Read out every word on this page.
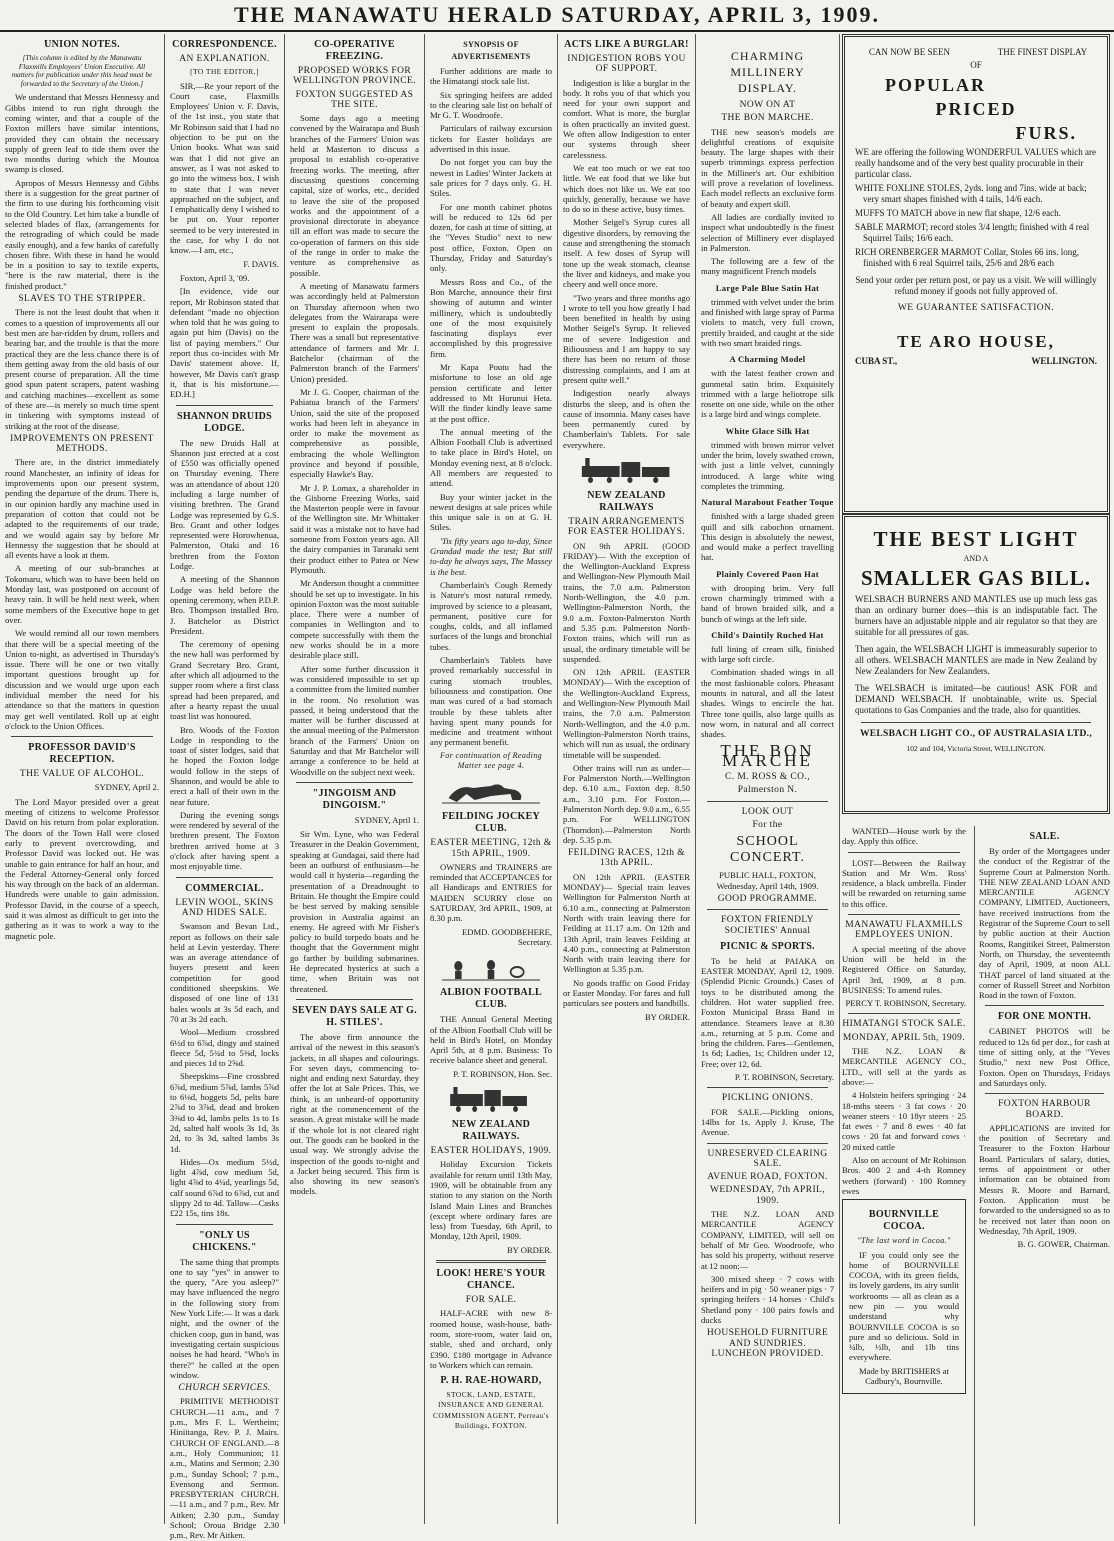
THE MANAWATU HERALD SATURDAY, APRIL 3, 1909.
UNION NOTES.
[This column is edited by the Manawatu Flaxmills Employees' Union Executive. All matters for publication under this head must be forwarded to the Secretary of the Union.]

We understand that Messrs Hennessy and Gibbs intend to run right through the coming winter, and that a couple of the Foxton millers have similar intentions, provided they can obtain the necessary supply of green leaf to tide them over the two months during which the Moutoa swamp is closed.

Apropos of Messrs Hennessy and Gibbs there is a suggestion for the great partner of the firm to use during his forthcoming visit to the Old Country. Let him take a bundle of selected blades of flax, (arrangements for the retrograding of which could be made easily enough), and a few hanks of carefully chosen fibre. With these in hand he would be in a position to say to textile experts, "here is the raw material, there is the finished product."

SLAVES TO THE STRIPPER.

There is not the least doubt that when it comes to a question of improvements all our best men are bar-ridden by drum, rollers and bearing bar, and the trouble is that the more practical they are the less chance there is of them getting away from the old basis of our present course of preparation. All the time good spun patent scrapers, patent washing and catching machines—excellent as some of these are—is merely so much time spent in tinkering with symptoms instead of striking at the root of the disease.

IMPROVEMENTS ON PRESENT METHODS.

There are, in the district immediately round Manchester, an infinity of ideas for improvements upon our present system, pending the departure of the drum. There is, in our opinion hardly any machine used in preparation of cotton that could not be adapted to the requirements of our trade, and we would again say by before Mr Hennessy the suggestion that he should at all events have a look at them.

A meeting of our sub-branches at Tokomaru, which was to have been held on Monday last, was postponed on account of heavy rain. It will be held next week, when some members of the Executive hope to get over.

We would remind all our town members that there will be a special meeting of the Union to-night, as advertised in Thursday's issue. There will be one or two vitally important questions brought up for discussion and we would urge upon each individual member the need for his attendance so that the matters in question may get well ventilated. Roll up at eight o'clock to the Union Offices.

PROFESSOR DAVID'S RECEPTION.
THE VALUE OF ALCOHOL.
SYDNEY, April 2.

The Lord Mayor presided over a great meeting of citizens to welcome Professor David on his return from polar exploration. The doors of the Town Hall were closed early to prevent overcrowding, and Professor David was locked out. He was unable to gain entrance for half an hour, and the Federal Attorney-General only forced his way through on the back of an alderman. Hundreds were unable to gain admission. Professor David, in the course of a speech, said it was almost as difficult to get into the gathering as it was to work a way to the magnetic pole.

CORRESPONDENCE.
AN EXPLANATION.
[TO THE EDITOR.]

SIR,—Re your report of the Court case, Flaxmills Employees' Union v. F. Davis, of the 1st inst., you state that Mr Robinson said that I had no objection to be put on the Union books. What was said was that I did not give an answer, as I was not asked to go into the witness box. I wish to state that I was never approached on the subject, and I emphatically deny I wished to be put on. Your reporter seemed to be very interested in the case, for why I do not know.—I am, etc.,

F. DAVIS.

Foxton, April 3, '09.

[In evidence, vide our report, Mr Robinson stated that defendant "made no objection when told that he was going to again put him (Davis) on the list of paying members." Our report thus co-incides with Mr Davis' statement above. If, however, Mr Davis can't grasp it, that is his misfortune.—ED.H.]

SHANNON DRUIDS LODGE.

The new Druids Hall at Shannon just erected at a cost of £550 was officially opened on Thursday evening. There was an attendance of about 120 including a large number of visiting brethren. The Grand Lodge was represented by G.S. Bro. Grant and other lodges represented were Horowhenua, Palmerston, Otaki and 16 brethren from the Foxton Lodge.

A meeting of the Shannon Lodge was held before the opening ceremony, when P.D.P. Bro. Thompson installed Bro. J. Batchelor as District President.

The ceremony of opening the new hall was performed by Grand Secretary Bro. Grant, after which all adjourned to the supper room where a first class spread had been prepared, and after a hearty repast the usual toast list was honoured.

Bro. Woods of the Foxton Lodge in responding to the toast of sister lodges, said that he hoped the Foxton lodge would follow in the steps of Shannon, and would be able to erect a hall of their own in the near future.

During the evening songs were rendered by several of the brethren present. The Foxton brethren arrived home at 3 o'clock after having spent a most enjoyable time.

COMMERCIAL.
LEVIN WOOL, SKINS AND HIDES SALE.

Swanson and Bevan Ltd., report as follows on their sale held at Levin yesterday. There was an average attendance of buyers present and keen competition for good conditioned sheepskins. We disposed of one line of 131 bales wools at 3s 5d each, and 70 at 3s 2d each.

Wool—Medium crossbred 6½d to 6⅞d, dingy and stained fleece 5d, 5¾d to 5⅜d, locks and pieces 1d to 2⅝d.

Sheepskins—Fine crossbred 6⅞d, medium 5⅞d, lambs 5⅞d to 6⅛d, hoggets 5d, pelts bare 2⅞d to 3⅞d, dead and broken 3⅜d to 4d, lambs pelts 1s to 1s 2d, salted half wools 3s 1d, 3s 2d, to 3s 3d, salted lambs 3s 1d.

Hides—Ox medium 5½d, light 4⅞d, cow medium 5d, light 4⅞d to 4¼d, yearlings 5d, calf sound 6⅞d to 6⅞d, cut and slippy 2d to 4d. Tallow—Casks £22 15s, tins 18s.

"ONLY US CHICKENS."

The same thing that prompts one to say "yes" in answer to the query, "Are you asleep?" may have influenced the negro in the following story from New York Life:— It was a dark night, and the owner of the chicken coop, gun in hand, was investigating certain suspicious noises he had heard. "Who's in there?" he called at the open window.

CHURCH SERVICES.

PRIMITIVE METHODIST CHURCH.—11 a.m., and 7 p.m., Mrs F. L. Wertheim; Hiniitanga, Rev. P. J. Mairs. CHURCH OF ENGLAND.—8 a.m., Holy Communion; 11 a.m., Matins and Sermon; 2.30 p.m., Sunday School; 7 p.m., Evensong and Sermon. PRESBYTERIAN CHURCH.—11 a.m., and 7 p.m., Rev. Mr Aitken; 2.30 p.m., Sunday School; Oroua Bridge 2.30 p.m., Rev. Mr Aitken.

CO-OPERATIVE FREEZING.
PROPOSED WORKS FOR WELLINGTON PROVINCE.
FOXTON SUGGESTED AS THE SITE.

Some days ago a meeting convened by the Wairarapa and Bush branches of the Farmers' Union was held at Masterton to discuss a proposal to establish co-operative freezing works. The meeting, after discussing questions concerning capital, size of works, etc., decided to leave the site of the proposed works and the appointment of a provisional directorate in abeyance till an effort was made to secure the co-operation of farmers on this side of the range in order to make the venture as comprehensive as possible.

A meeting of Manawatu farmers was accordingly held at Palmerston on Thursday afternoon when two delegates from the Wairarapa were present to explain the proposals. There was a small but representative attendance of farmers and Mr J. Batchelor (chairman of the Palmerston branch of the Farmers' Union) presided.

Mr J. G. Cooper, chairman of the Pahiatua branch of the Farmers' Union, said the site of the proposed works had been left in abeyance in order to make the movement as comprehensive as possible, embracing the whole Wellington province and beyond if possible, especially Hawke's Bay.

Mr J. P. Lomax, a shareholder in the Gisborne Freezing Works, said the Masterton people were in favour of the Wellington site. Mr Whittaker said it was a mistake not to have had someone from Foxton years ago. All the dairy companies in Taranaki sent their product either to Patea or New Plymouth.

Mr Anderson thought a committee should be set up to investigate. In his opinion Foxton was the most suitable place. There were a number of companies in Wellington and to compete successfully with them the new works should be in a more desirable place still.

After some further discussion it was considered impossible to set up a committee from the limited number in the room. No resolution was passed, it being understood that the matter will be further discussed at the annual meeting of the Palmerston branch of the Farmers' Union on Saturday and that Mr Batchelor will arrange a conference to be held at Woodville on the subject next week.

"JINGOISM AND DINGOISM."
SYDNEY, April 1.

Sir Wm. Lyne, who was Federal Treasurer in the Deakin Government, speaking at Gundagai, said there had been an outburst of enthusiasm—he would call it hysteria—regarding the presentation of a Dreadnought to Britain. He thought the Empire could be best served by making sensible provision in Australia against an enemy. He agreed with Mr Fisher's policy to build torpedo boats and he thought that the Government might go farther by building submarines. He deprecated hysterics at such a time, when Britain was not threatened.

SEVEN DAYS SALE AT G. H. STILES'.

The above firm announce the arrival of the newest in this season's jackets, in all shapes and colourings. For seven days, commencing to-night and ending next Saturday, they offer the lot at Sale Prices. This, we think, is an unheard-of opportunity right at the commencement of the season. A great mistake will be made if the whole lot is not cleared right out. The goods can be booked in the usual way. We strongly advise the inspection of the goods to-night and a Jacket being secured. This firm is also showing its new season's models.

SYNOPSIS OF ADVERTISEMENTS

Further additions are made to the Himatangi stock sale list.

Six springing heifers are added to the clearing sale list on behalf of Mr G. T. Woodroofe.

Particulars of railway excursion tickets for Easter holidays are advertised in this issue.

Do not forget you can buy the newest in Ladies' Winter Jackets at sale prices for 7 days only. G. H. Stiles.

For one month cabinet photos will be reduced to 12s 6d per dozen, for cash at time of sitting, at the "Yeves Studio" next to new post office, Foxton. Open on Thursday, Friday and Saturday's only.

Messrs Ross and Co., of the Bon Marche, announce their first showing of autumn and winter millinery, which is undoubtedly one of the most exquisitely fascinating displays ever accomplished by this progressive firm.

Mr Kapa Poutu had the misfortune to lose an old age pension certificate and letter addressed to Mt Hurunui Heta. Will the finder kindly leave same at the post office.

The annual meeting of the Albion Football Club is advertised to take place in Bird's Hotel, on Monday evening next, at 8 o'clock. All members are requested to attend.

Buy your winter jacket in the newest designs at sale prices while this unique sale is on at G. H. Stiles.

'Tis fifty years ago to-day, Since Grandad made the test; But still to-day he always says, The Massey is the best.

Chamberlain's Cough Remedy is Nature's most natural remedy, improved by science to a pleasant, permanent, positive cure for coughs, colds, and all inflamed surfaces of the lungs and bronchial tubes.

Chamberlain's Tablets have proved remarkably successful in curing stomach troubles, biliousness and constipation. One man was cured of a bad stomach trouble by these tablets after having spent many pounds for medicine and treatment without any permanent benefit.

For continuation of Reading Matter see page 4.
FEILDING JOCKEY CLUB.
EASTER MEETING, 12th & 15th APRIL, 1909.

OWNERS and TRAINERS are reminded that ACCEPTANCES for all Handicaps and ENTRIES for MAIDEN SCURRY close on SATURDAY, 3rd APRIL, 1909, at 8.30 p.m.

EDMD. GOODBEHERE, Secretary.
ALBION FOOTBALL CLUB.

THE Annual General Meeting of the Albion Football Club will be held in Bird's Hotel, on Monday April 5th, at 8 p.m. Business: To receive balance sheet and general.

P. T. ROBINSON, Hon. Sec.
NEW ZEALAND RAILWAYS.
EASTER HOLIDAYS, 1909.

Holiday Excursion Tickets available for return until 13th May, 1909, will be obtainable from any station to any station on the North Island Main Lines and Branches (except where ordinary fares are less) from Tuesday, 6th April, to Monday, 12th April, 1909.

BY ORDER.
LOOK! HERE'S YOUR CHANCE.
FOR SALE.

HALF-ACRE with new 8-roomed house, wash-house, bath-room, store-room, water laid on, stable, shed and orchard, only £390. £180 mortgage in Advance to Workers which can remain.

P. H. RAE-HOWARD,
STOCK, LAND, ESTATE, INSURANCE AND GENERAL COMMISSION AGENT, Perreau's Buildings, FOXTON.
ACTS LIKE A BURGLAR!
INDIGESTION ROBS YOU OF SUPPORT.

Indigestion is like a burglar in the body. It robs you of that which you need for your own support and comfort. What is more, the burglar is often practically an invited guest. We often allow Indigestion to enter our systems through sheer carelessness.

We eat too much or we eat too little. We eat food that we like but which does not like us. We eat too quickly, generally, because we have to do so in these active, busy times.

Mother Seigel's Syrup cures all digestive disorders, by removing the cause and strengthening the stomach itself. A few doses of Syrup will tone up the weak stomach, cleanse the liver and kidneys, and make you cheery and well once more.

"Two years and three months ago I wrote to tell you how greatly I had been benefited in health by using Mother Seigel's Syrup. It relieved me of severe Indigestion and Biliousness and I am happy to say there has been no return of those distressing complaints, and I am at present quite well."

Indigestion nearly always disturbs the sleep, and is often the cause of insomnia. Many cases have been permanently cured by Chamberlain's Tablets. For sale everywhere.

NEW ZEALAND RAILWAYS
TRAIN ARRANGEMENTS FOR EASTER HOLIDAYS.

ON 9th APRIL (GOOD FRIDAY)— With the exception of the Wellington-Auckland Express and Wellington-New Plymouth Mail trains, the 7.0 a.m. Palmerston North-Wellington, the 4.0 p.m. Wellington-Palmerston North, the 9.0 a.m. Foxton-Palmerston North and 5.35 p.m. Palmerston North-Foxton trains, which will run as usual, the ordinary timetable will be suspended.

ON 12th APRIL (EASTER MONDAY)— With the exception of the Wellington-Auckland Express, and Wellington-New Plymouth Mail trains, the 7.0 a.m. Palmerston North-Wellington, and the 4.0 p.m. Wellington-Palmerston North trains, which will run as usual, the ordinary timetable will be suspended.

Other trains will run as under— For Palmerston North.—Wellington dep. 6.10 a.m., Foxton dep. 8.50 a.m., 3.10 p.m. For Foxton.—Palmerston North dep. 9.0 a.m., 6.55 p.m. For WELLINGTON (Thorndon).—Palmerston North dep. 5.35 p.m.

FEILDING RACES, 12th & 13th APRIL.

ON 12th APRIL (EASTER MONDAY)— Special train leaves Wellington for Palmerston North at 6.10 a.m., connecting at Palmerston North with train leaving there for Feilding at 11.17 a.m. On 12th and 13th April, train leaves Feilding at 4.40 p.m., connecting at Palmerston North with train leaving there for Wellington at 5.35 p.m.

No goods traffic on Good Friday or Easter Monday. For fares and full particulars see posters and handbills.

BY ORDER.
CHARMING MILLINERY DISPLAY.
NOW ON AT
THE BON MARCHE.

THE new season's models are delightful creations of exquisite beauty. The large shapes with their superb trimmings express perfection in the Milliner's art. Our exhibition will prove a revelation of loveliness. Each model reflects an exclusive form of beauty and expert skill.

All ladies are cordially invited to inspect what undoubtedly is the finest selection of Millinery ever displayed in Palmerston.

The following are a few of the many magnificent French models

Large Pale Blue Satin Hat

trimmed with velvet under the brim and finished with large spray of Parma violets to match, very full crown, prettily braided, and caught at the side with two smart braided rings.

A Charming Model

with the latest feather crown and gunmetal satin brim. Exquisitely trimmed with a large heliotrope silk rosette on one side, while on the other is a large bird and wings complete.

White Glace Silk Hat

trimmed with brown mirror velvet under the brim, lovely swathed crown, with just a little velvet, cunningly introduced. A large white wing completes the trimming.

Natural Marabout Feather Toque

finished with a large shaded green quill and silk cabochon ornament. This design is absolutely the newest, and would make a perfect travelling hat.

Plainly Covered Paon Hat

with drooping brim. Very full crown charmingly trimmed with a band of brown braided silk, and a bunch of wings at the left side.

Child's Daintily Ruched Hat

full lining of cream silk, finished with large soft circle.

Combination shaded wings in all the most fashionable colors. Pheasant mounts in natural, and all the latest shades. Wings to encircle the hat. Three tone quills, also large quills as now worn, in natural and all correct shades.

THE BON MARCHE
C. M. ROSS & CO.,
Palmerston N.
LOOK OUT
For the
SCHOOL CONCERT.

PUBLIC HALL, FOXTON, Wednesday, April 14th, 1909.

GOOD PROGRAMME.
FOXTON FRIENDLY SOCIETIES' Annual
PICNIC & SPORTS.

To be held at PAIAKA on EASTER MONDAY, April 12, 1909. (Splendid Picnic Grounds.) Cases of toys to be distributed among the children. Hot water supplied free. Foxton Municipal Brass Band in attendance. Steamers leave at 8.30 a.m., returning at 5 p.m. Come and bring the children. Fares—Gentlemen, 1s 6d; Ladies, 1s; Children under 12, Free; over 12, 6d.

P. T. ROBINSON, Secretary.
PICKLING ONIONS.

FOR SALE.—Pickling onions, 14lbs for 1s. Apply J. Kruse, The Avenue.

UNRESERVED CLEARING SALE.
AVENUE ROAD, FOXTON.
WEDNESDAY, 7th APRIL, 1909.

THE N.Z. LOAN AND MERCANTILE AGENCY COMPANY, LIMITED, will sell on behalf of Mr Geo. Woodroofe, who has sold his property, without reserve at 12 noon:—

300 mixed sheep · 7 cows with heifers and in pig · 50 weaner pigs · 7 springing heifers · 14 horses · Child's Shetland pony · 100 pairs fowls and ducks

HOUSEHOLD FURNITURE AND SUNDRIES. LUNCHEON PROVIDED.
CAN NOW BE SEEN	THE FINEST DISPLAY
OF
POPULAR
PRICED
FURS.

WE are offering the following WONDERFUL VALUES which are really handsome and of the very best quality procurable in their particular class.

WHITE FOXLINE STOLES, 2yds. long and 7ins. wide at back; very smart shapes finished with 4 tails, 14/6 each.

MUFFS TO MATCH above in new flat shape, 12/6 each.

SABLE MARMOT; record stoles 3/4 length; finished with 4 real Squirrel Tails; 16/6 each.

RICH ORENBERGER MARMOT Collar, Stoles 66 ins. long, finished with 6 real Squirrel tails, 25/6 and 28/6 each

Send your order per return post, or pay us a visit. We will willingly refund money if goods not fully approved of.

WE GUARANTEE SATISFACTION.
TE ARO HOUSE,
CUBA ST.,	WELLINGTON.
THE BEST LIGHT
AND A
SMALLER GAS BILL.

WELSBACH BURNERS AND MANTLES use up much less gas than an ordinary burner does—this is an indisputable fact. The burners have an adjustable nipple and air regulator so that they are suitable for all pressures of gas.

Then again, the WELSBACH LIGHT is immeasurably superior to all others. WELSBACH MANTLES are made in New Zealand by New Zealanders for New Zealanders.

The WELSBACH is imitated—be cautious! ASK FOR and DEMAND WELSBACH. If unobtainable, write us. Special quotations to Gas Companies and the trade, also for quantities.

WELSBACH LIGHT CO., OF AUSTRALASIA LTD.,
102 and 104, Victoria Street, WELLINGTON.

WANTED—House work by the day. Apply this office.

LOST—Between the Railway Station and Mr Wm. Ross' residence, a black umbrella. Finder will be rewarded on returning same to this office.

MANAWATU FLAXMILLS EMPLOYEES UNION.

A special meeting of the above Union will be held in the Registered Office on Saturday, April 3rd, 1909, at 8 p.m. BUSINESS: To amend rules.

PERCY T. ROBINSON, Secretary.
HIMATANGI STOCK SALE.
MONDAY, APRIL 5th, 1909.

THE N.Z. LOAN & MERCANTILE AGENCY CO., LTD., will sell at the yards as above:—

4 Holstein heifers springing · 24 18-mths steers · 3 fat cows · 20 weaner steers · 10 18yr steers · 25 fat ewes · 7 and 8 ewes · 40 fat cows · 20 fat and forward cows · 20 mixed cattle

Also on account of Mr Robinson Bros. 400 2 and 4-th Romney wethers (forward) · 100 Romney ewes

BOURNVILLE COCOA.
"The last word in Cocoa."

IF you could only see the home of BOURNVILLE COCOA, with its green fields, its lovely gardens, its airy sunlit workrooms — all as clean as a new pin — you would understand why BOURNVILLE COCOA is so pure and so delicious. Sold in ¼lb, ½lb, and 1lb tins everywhere.

Made by BRITISHERS at Cadbury's, Bournville.

SALE.

By order of the Mortgagees under the conduct of the Registrar of the Supreme Court at Palmerston North. THE NEW ZEALAND LOAN AND MERCANTILE AGENCY COMPANY, LIMITED, Auctioneers, have received instructions from the Registrar of the Supreme Court to sell by public auction at their Auction Rooms, Rangitikei Street, Palmerston North, on Thursday, the seventeenth day of April, 1909, at noon ALL THAT parcel of land situated at the corner of Russell Street and Norbiton Road in the town of Foxton.

FOR ONE MONTH.

CABINET PHOTOS will be reduced to 12s 6d per doz., for cash at time of sitting only, at the "Yeves Studio," next new Post Office, Foxton. Open on Thursdays, Fridays and Saturdays only.

FOXTON HARBOUR BOARD.

APPLICATIONS are invited for the position of Secretary and Treasurer to the Foxton Harbour Board. Particulars of salary, duties, terms of appointment or other information can be obtained from Messrs R. Moore and Barnard, Foxton. Application must be forwarded to the undersigned so as to be received not later than noon on Wednesday, 7th April, 1909.

B. G. GOWER, Chairman.
